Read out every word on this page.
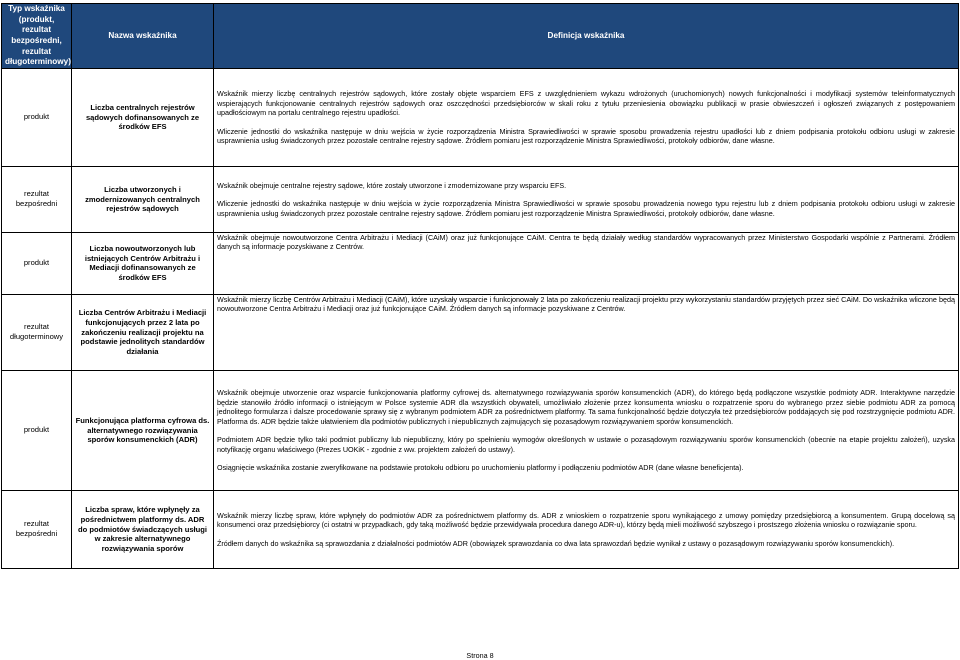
Typ wskaźnika (produkt, rezultat bezpośredni, rezultat długoterminowy)	Nazwa wskaźnika	Definicja wskaźnika
produkt	Liczba centralnych rejestrów sądowych dofinansowanych ze środków EFS	Wskaźnik mierzy liczbę centralnych rejestrów sądowych, które zostały objęte wsparciem EFS z uwzględnieniem wykazu wdrożonych (uruchomionych) nowych funkcjonalności i modyfikacji systemów teleinformatycznych wspierających funkcjonowanie centralnych rejestrów sądowych oraz oszczędności przedsiębiorców w skali roku z tytułu przeniesienia obowiązku publikacji w prasie obwieszczeń i ogłoszeń związanych z postępowaniem upadłościowym na portalu centralnego rejestru upadłości.

Wliczenie jednostki do wskaźnika następuje w dniu wejścia w życie rozporządzenia Ministra Sprawiedliwości w sprawie sposobu prowadzenia rejestru upadłości lub z dniem podpisania protokołu odbioru usługi w zakresie usprawnienia usług świadczonych przez pozostałe centralne rejestry sądowe. Źródłem pomiaru jest rozporządzenie Ministra Sprawiedliwości, protokoły odbiorów, dane własne.

rezultat bezpośredni	Liczba utworzonych i zmodernizowanych centralnych rejestrów sądowych	Wskaźnik obejmuje centralne rejestry sądowe, które zostały utworzone i zmodernizowane przy wsparciu EFS.

Wliczenie jednostki do wskaźnika następuje w dniu wejścia w życie rozporządzenia Ministra Sprawiedliwości w sprawie sposobu prowadzenia nowego typu rejestru lub z dniem podpisania protokołu odbioru usługi w zakresie usprawnienia usług świadczonych przez pozostałe centralne rejestry sądowe. Źródłem pomiaru jest rozporządzenie Ministra Sprawiedliwości, protokoły odbiorów, dane własne.

produkt	Liczba nowoutworzonych lub istniejących Centrów Arbitrażu i Mediacji dofinansowanych ze środków EFS	Wskaźnik obejmuje nowoutworzone Centra Arbitrażu i Mediacji (CAiM) oraz już funkcjonujące CAiM. Centra te będą działały według standardów wypracowanych przez Ministerstwo Gospodarki wspólnie z Partnerami. Źródłem danych są informacje pozyskiwane z Centrów.

rezultat długoterminowy	Liczba Centrów Arbitrażu i Mediacji funkcjonujących przez 2 lata po zakończeniu realizacji projektu na podstawie jednolitych standardów działania	Wskaźnik mierzy liczbę Centrów Arbitrażu i Mediacji (CAiM), które uzyskały wsparcie i funkcjonowały 2 lata po zakończeniu realizacji projektu przy wykorzystaniu standardów przyjętych przez sieć CAiM. Do wskaźnika wliczone będą nowoutworzone Centra Arbitrażu i Mediacji oraz już funkcjonujące CAiM. Źródłem danych są informacje pozyskiwane z Centrów.

produkt	Funkcjonująca platforma cyfrowa ds. alternatywnego rozwiązywania sporów konsumenckich (ADR)	Wskaźnik obejmuje utworzenie oraz wsparcie funkcjonowania platformy cyfrowej ds. alternatywnego rozwiązywania sporów konsumenckich (ADR), do którego będą podłączone wszystkie podmioty ADR. Interaktywne narzędzie będzie stanowiło źródło informacji o istniejącym w Polsce systemie ADR dla wszystkich obywateli, umożliwiało złożenie przez konsumenta wniosku o rozpatrzenie sporu do wybranego przez siebie podmiotu ADR za pomocą jednolitego formularza i dalsze procedowanie sprawy się z wybranym podmiotem ADR za pośrednictwem platformy. Ta sama funkcjonalność będzie dotyczyła też przedsiębiorców poddających się pod rozstrzygnięcie podmiotu ADR. Platforma ds. ADR będzie także ułatwieniem dla podmiotów publicznych i niepublicznych zajmujących się pozasądowym rozwiązywaniem sporów konsumenckich.

Podmiotem ADR będzie tylko taki podmiot publiczny lub niepubliczny, który po spełnieniu wymogów określonych w ustawie o pozasądowym rozwiązywaniu sporów konsumenckich (obecnie na etapie projektu założeń), uzyska notyfikację organu właściwego (Prezes UOKiK - zgodnie z ww. projektem założeń do ustawy).

Osiągnięcie wskaźnika zostanie zweryfikowane na podstawie protokołu odbioru po uruchomieniu platformy i podłączeniu podmiotów ADR (dane własne beneficjenta).

rezultat bezpośredni	Liczba spraw, które wpłynęły za pośrednictwem platformy ds. ADR do podmiotów świadczących usługi w zakresie alternatywnego rozwiązywania sporów	Wskaźnik mierzy liczbę spraw, które wpłynęły do podmiotów ADR za pośrednictwem platformy ds. ADR z wnioskiem o rozpatrzenie sporu wynikającego z umowy pomiędzy przedsiębiorcą a konsumentem. Grupą docelową są konsumenci oraz przedsiębiorcy (ci ostatni w przypadkach, gdy taką możliwość będzie przewidywała procedura danego ADR-u), którzy będą mieli możliwość szybszego i prostszego złożenia wniosku o rozwiązanie sporu.

Źródłem danych do wskaźnika są sprawozdania z działalności podmiotów ADR (obowiązek sprawozdania co dwa lata sprawozdań będzie wynikał z ustawy o pozasądowym rozwiązywaniu sporów konsumenckich).

Strona 8
